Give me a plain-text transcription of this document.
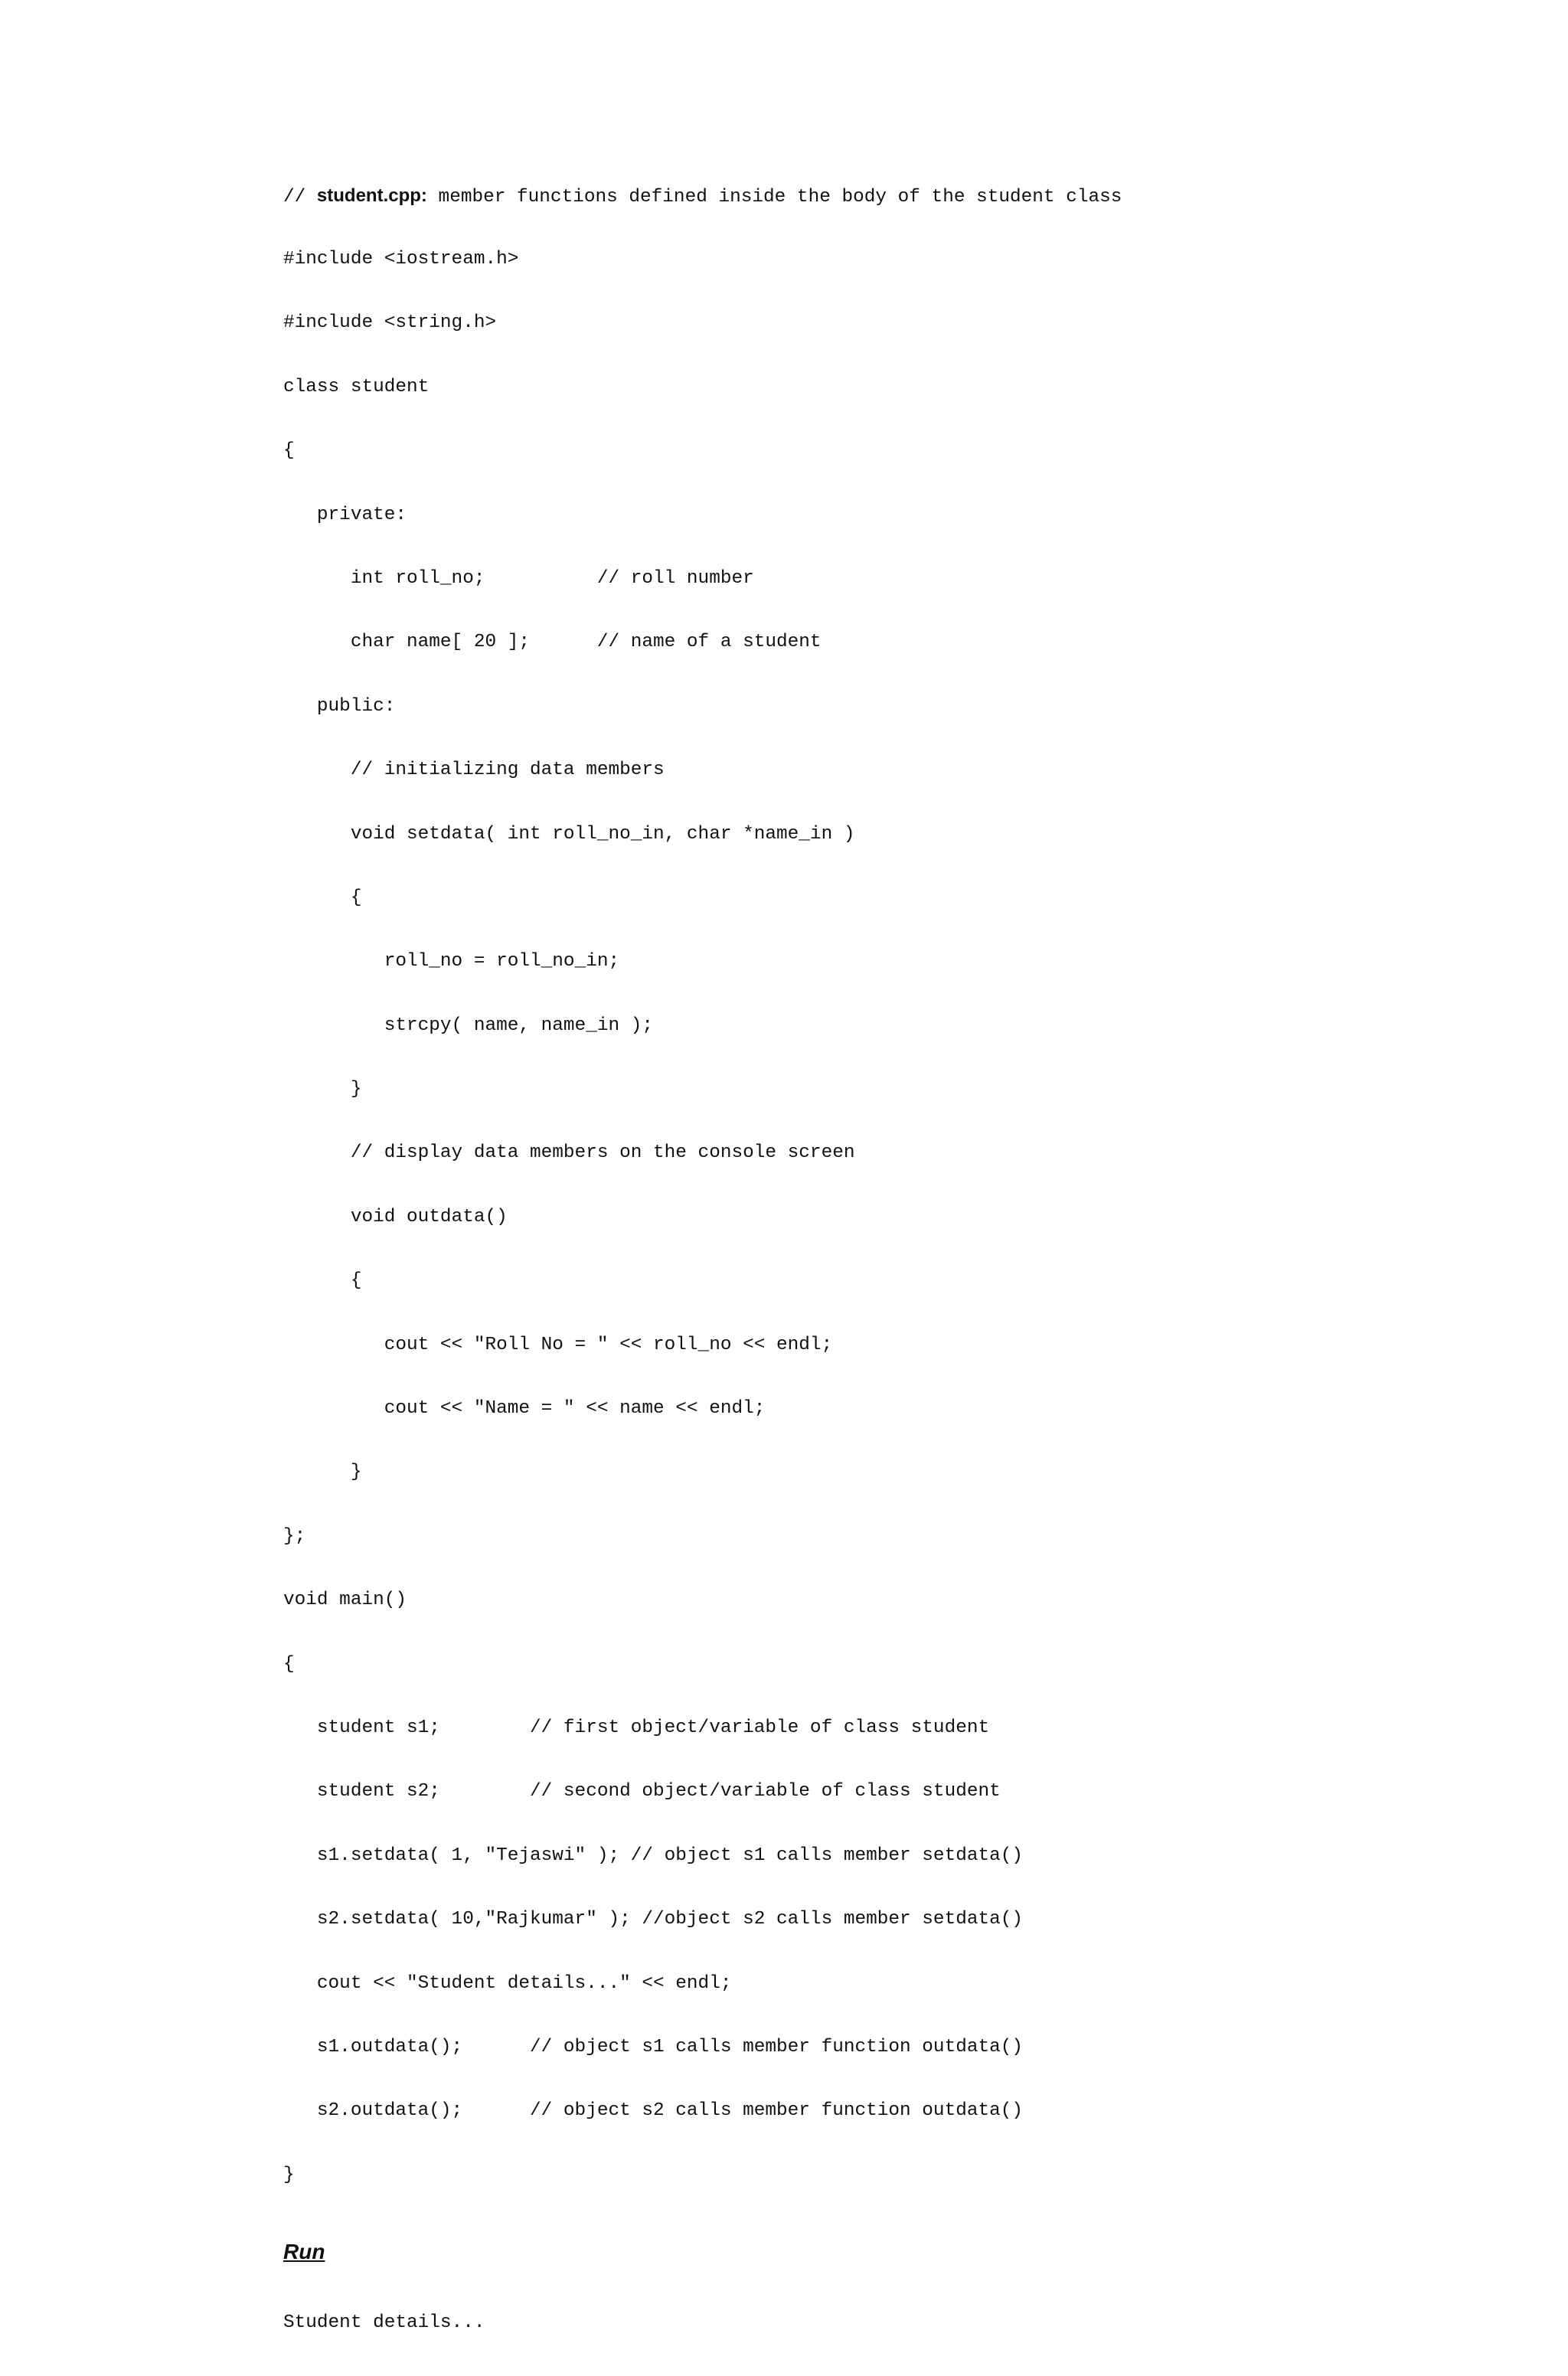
// student.cpp: member functions defined inside the body of the student class

#include <iostream.h>

#include <string.h>

class student

{

private:

int roll_no;          // roll number

char name[ 20 ];      // name of a student

public:

// initializing data members

void setdata( int roll_no_in, char *name_in )

{

roll_no = roll_no_in;

strcpy( name, name_in );

}

// display data members on the console screen

void outdata()

{

cout << "Roll No = " << roll_no << endl;

cout << "Name = " << name << endl;

}

};

void main()

{

student s1;        // first object/variable of class student

student s2;        // second object/variable of class student

s1.setdata( 1, "Tejaswi" ); // object s1 calls member setdata()

s2.setdata( 10,"Rajkumar" ); //object s2 calls member setdata()

cout << "Student details..." << endl;

s1.outdata();      // object s1 calls member function outdata()

s2.outdata();      // object s2 calls member function outdata()

}

Run

Student details...
